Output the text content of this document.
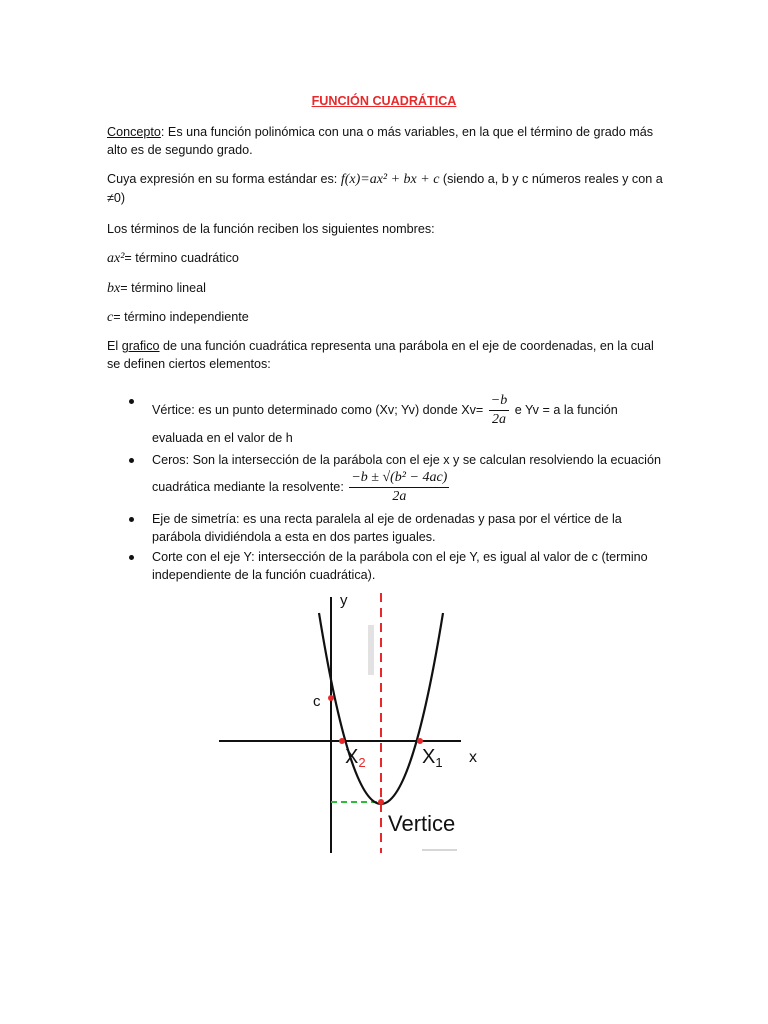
FUNCIÓN CUADRÁTICA
Concepto: Es una función polinómica con una o más variables, en la que el término de grado más alto es de segundo grado.
Cuya expresión en su forma estándar es: f(x)=ax² + bx + c (siendo a, b y c números reales y con a ≠0)
Los términos de la función reciben los siguientes nombres:
ax²= término cuadrático
bx= término lineal
c= término independiente
El grafico de una función cuadrática representa una parábola en el eje de coordenadas, en la cual se definen ciertos elementos:
Vértice: es un punto determinado como (Xv; Yv) donde $Xv= \frac{-b}{2a}$ e Yv = a la función evaluada en el valor de h
Ceros: Son la intersección de la parábola con el eje x y se calculan resolviendo la ecuación cuadrática mediante la resolvente: $\frac{\text{−b ± √(b² − 4ac)}}{2a}$
Eje de simetría: es una recta paralela al eje de ordenadas y pasa por el vértice de la parábola dividiéndola a esta en dos partes iguales.
Corte con el eje Y: intersección de la parábola con el eje Y, es igual al valor de c (termino independiente de la función cuadrática).
y
x
c
$X_2$	$X_1$
Vertice
